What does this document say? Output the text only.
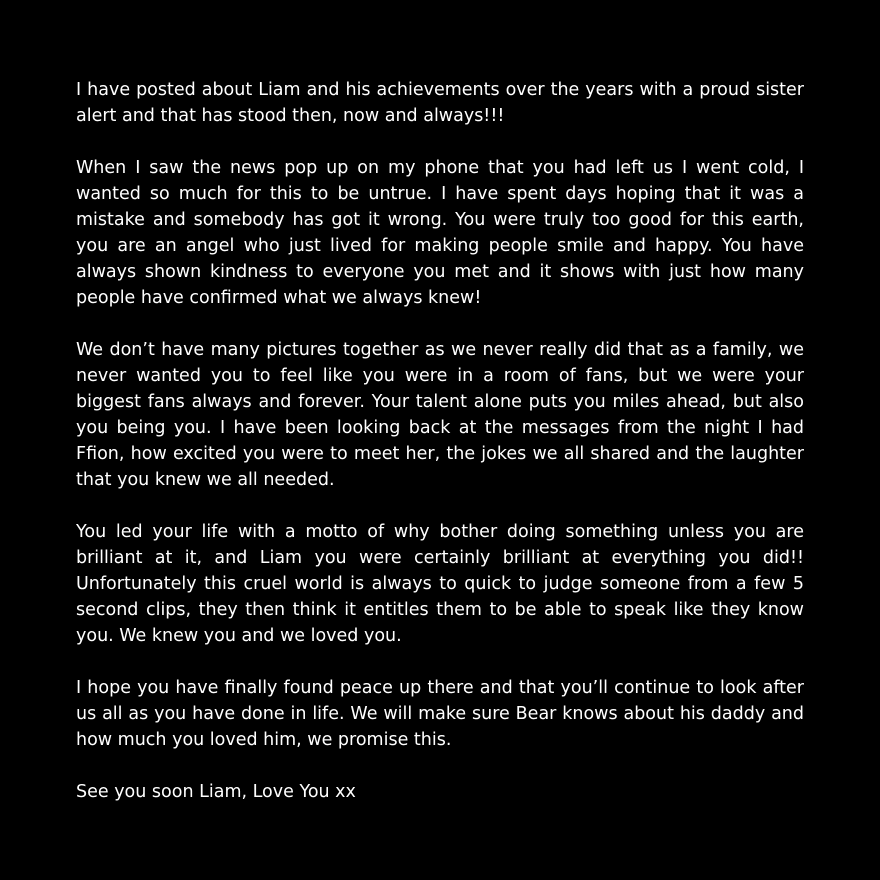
I have posted about Liam and his achievements over the years with a proud sister alert and that has stood then, now and always!!!

When I saw the news pop up on my phone that you had left us I went cold, I wanted so much for this to be untrue. I have spent days hoping that it was a mistake and somebody has got it wrong. You were truly too good for this earth, you are an angel who just lived for making people smile and happy. You have always shown kindness to everyone you met and it shows with just how many people have confirmed what we always knew!

We don’t have many pictures together as we never really did that as a family, we never wanted you to feel like you were in a room of fans, but we were your biggest fans always and forever. Your talent alone puts you miles ahead, but also you being you. I have been looking back at the messages from the night I had Ffion, how excited you were to meet her, the jokes we all shared and the laughter that you knew we all needed.

You led your life with a motto of why bother doing something unless you are brilliant at it, and Liam you were certainly brilliant at everything you did!! Unfortunately this cruel world is always to quick to judge someone from a few 5 second clips, they then think it entitles them to be able to speak like they know you. We knew you and we loved you.

I hope you have finally found peace up there and that you’ll continue to look after us all as you have done in life. We will make sure Bear knows about his daddy and how much you loved him, we promise this.

See you soon Liam, Love You xx
